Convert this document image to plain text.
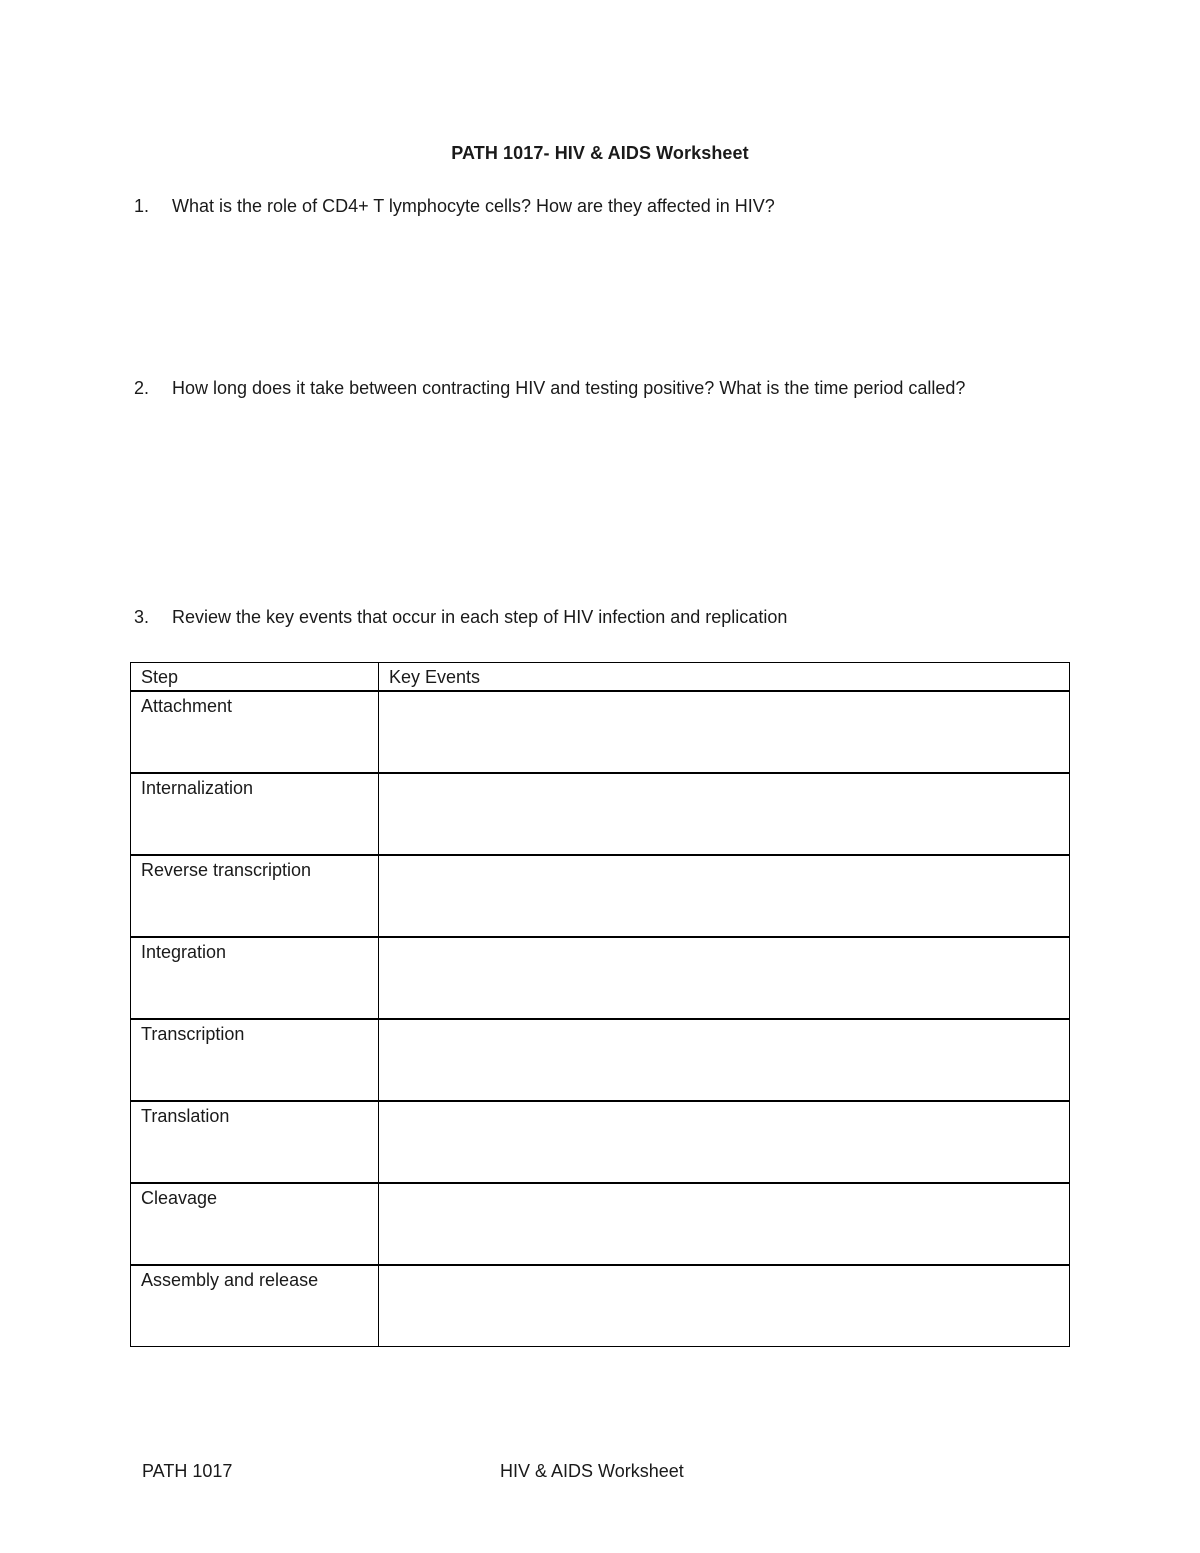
PATH 1017- HIV & AIDS Worksheet
1. What is the role of CD4+ T lymphocyte cells? How are they affected in HIV?
2. How long does it take between contracting HIV and testing positive? What is the time period called?
3. Review the key events that occur in each step of HIV infection and replication
Step	Key Events
Attachment	
Internalization	
Reverse transcription	
Integration	
Transcription	
Translation	
Cleavage	
Assembly and release	
PATH 1017	HIV & AIDS Worksheet
